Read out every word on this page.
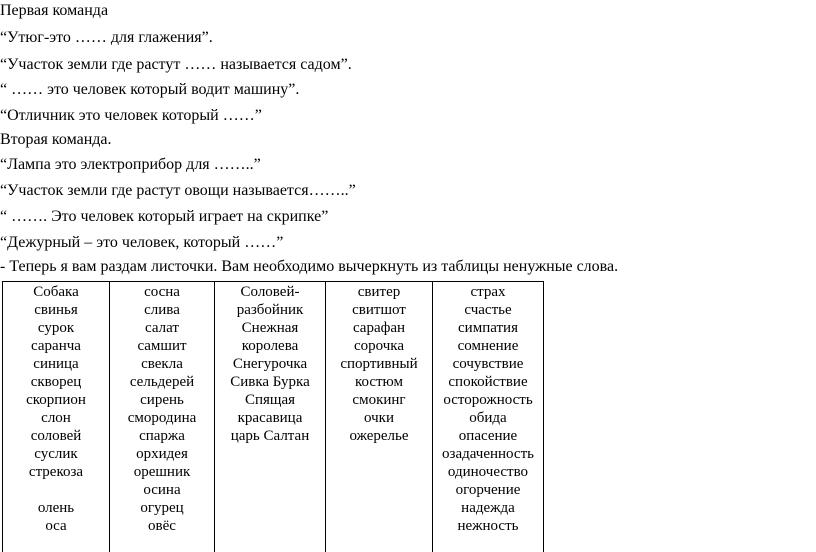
Первая команда
“Утюг-это …… для глажения”.
“Участок земли где растут …… называется садом”.
“ …… это человек который водит машину”.
“Отличник это человек который ……”
Вторая команда.
“Лампа это электроприбор для ……..”
“Участок земли где растут овощи называется……..”
“ ……. Это человек который играет на скрипке”
“Дежурный – это человек, который ……”
- Теперь я вам раздам листочки. Вам необходимо вычеркнуть из таблицы ненужные слова.
Собака
свинья
сурок
саранча
синица
скворец
скорпион
слон
соловей
суслик
стрекоза
олень
оса
сосна
слива
салат
самшит
свекла
сельдерей
сирень
смородина
спаржа
орхидея
орешник
осина
огурец
овёс
Соловей-
разбойник
Снежная
королева
Снегурочка
Сивка Бурка
Спящая
красавица
царь Салтан
свитер
свитшот
сарафан
сорочка
спортивный
костюм
смокинг
очки
ожерелье
страх
счастье
симпатия
сомнение
сочувствие
спокойствие
осторожность
обида
опасение
озадаченность
одиночество
огорчение
надежда
нежность
